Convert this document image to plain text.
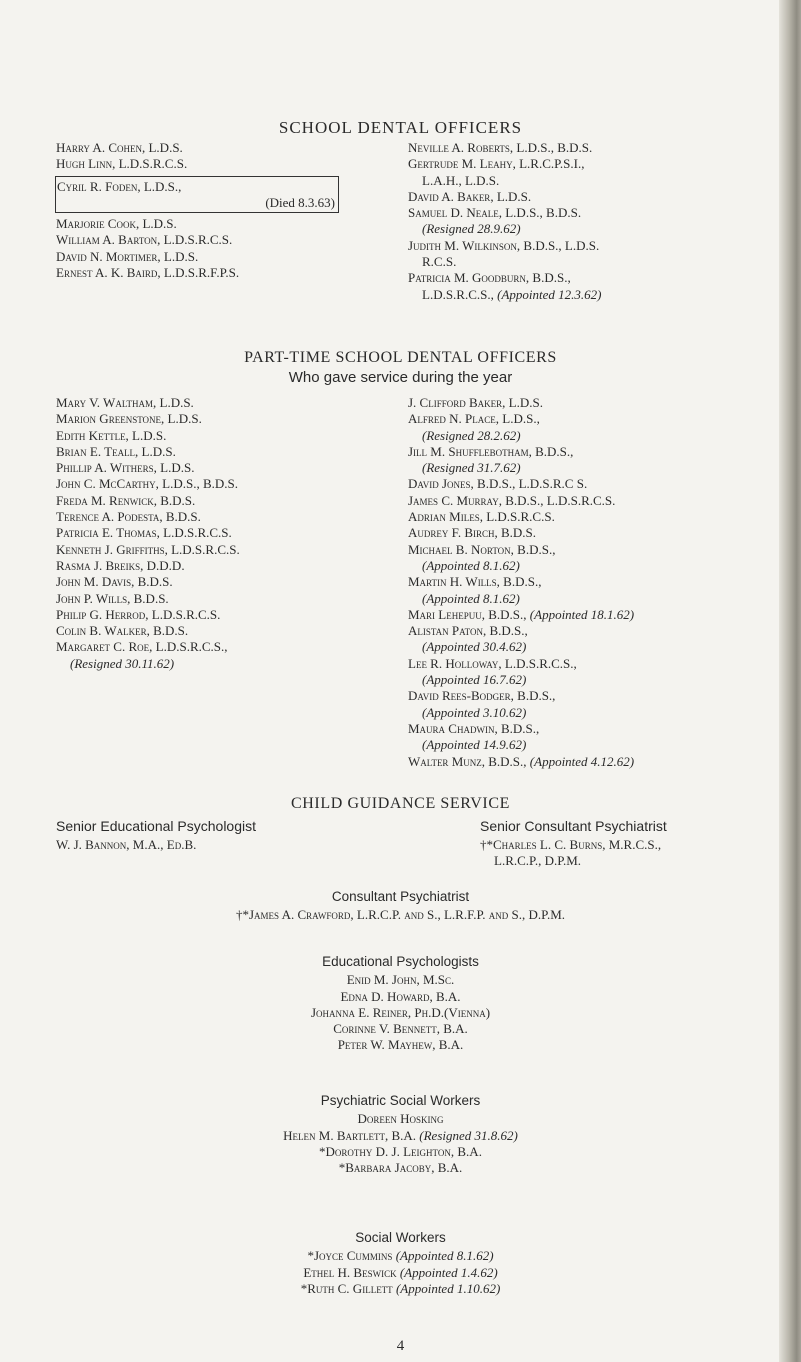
SCHOOL DENTAL OFFICERS
Harry A. Cohen, L.D.S.
Hugh Linn, L.D.S.R.C.S.
Cyril R. Foden, L.D.S.,
(Died 8.3.63)
Marjorie Cook, L.D.S.
William A. Barton, L.D.S.R.C.S.
David N. Mortimer, L.D.S.
Ernest A. K. Baird, L.D.S.R.F.P.S.
Neville A. Roberts, L.D.S., B.D.S.
Gertrude M. Leahy, L.R.C.P.S.I.,
L.A.H., L.D.S.
David A. Baker, L.D.S.
Samuel D. Neale, L.D.S., B.D.S.
(Resigned 28.9.62)
Judith M. Wilkinson, B.D.S., L.D.S.
R.C.S.
Patricia M. Goodburn, B.D.S.,
L.D.S.R.C.S., (Appointed 12.3.62)
PART-TIME SCHOOL DENTAL OFFICERS
Who gave service during the year
Mary V. Waltham, L.D.S.
Marion Greenstone, L.D.S.
Edith Kettle, L.D.S.
Brian E. Teall, L.D.S.
Phillip A. Withers, L.D.S.
John C. McCarthy, L.D.S., B.D.S.
Freda M. Renwick, B.D.S.
Terence A. Podesta, B.D.S.
Patricia E. Thomas, L.D.S.R.C.S.
Kenneth J. Griffiths, L.D.S.R.C.S.
Rasma J. Breiks, D.D.D.
John M. Davis, B.D.S.
John P. Wills, B.D.S.
Philip G. Herrod, L.D.S.R.C.S.
Colin B. Walker, B.D.S.
Margaret C. Roe, L.D.S.R.C.S.,
(Resigned 30.11.62)
J. Clifford Baker, L.D.S.
Alfred N. Place, L.D.S.,
(Resigned 28.2.62)
Jill M. Shufflebotham, B.D.S.,
(Resigned 31.7.62)
David Jones, B.D.S., L.D.S.R.C S.
James C. Murray, B.D.S., L.D.S.R.C.S.
Adrian Miles, L.D.S.R.C.S.
Audrey F. Birch, B.D.S.
Michael B. Norton, B.D.S.,
(Appointed 8.1.62)
Martin H. Wills, B.D.S.,
(Appointed 8.1.62)
Mari Lehepuu, B.D.S., (Appointed 18.1.62)
Alistan Paton, B.D.S.,
(Appointed 30.4.62)
Lee R. Holloway, L.D.S.R.C.S.,
(Appointed 16.7.62)
David Rees-Bodger, B.D.S.,
(Appointed 3.10.62)
Maura Chadwin, B.D.S.,
(Appointed 14.9.62)
Walter Munz, B.D.S., (Appointed 4.12.62)
CHILD GUIDANCE SERVICE
Senior Educational Psychologist
W. J. Bannon, M.A., Ed.B.
Senior Consultant Psychiatrist
†*Charles L. C. Burns, M.R.C.S.,
L.R.C.P., D.P.M.
Consultant Psychiatrist
†*James A. Crawford, L.R.C.P. and S., L.R.F.P. and S., D.P.M.
Educational Psychologists
Enid M. John, M.Sc.
Edna D. Howard, B.A.
Johanna E. Reiner, Ph.D.(Vienna)
Corinne V. Bennett, B.A.
Peter W. Mayhew, B.A.
Psychiatric Social Workers
Doreen Hosking
Helen M. Bartlett, B.A. (Resigned 31.8.62)
*Dorothy D. J. Leighton, B.A.
*Barbara Jacoby, B.A.
Social Workers
*Joyce Cummins (Appointed 8.1.62)
Ethel H. Beswick (Appointed 1.4.62)
*Ruth C. Gillett (Appointed 1.10.62)
4
